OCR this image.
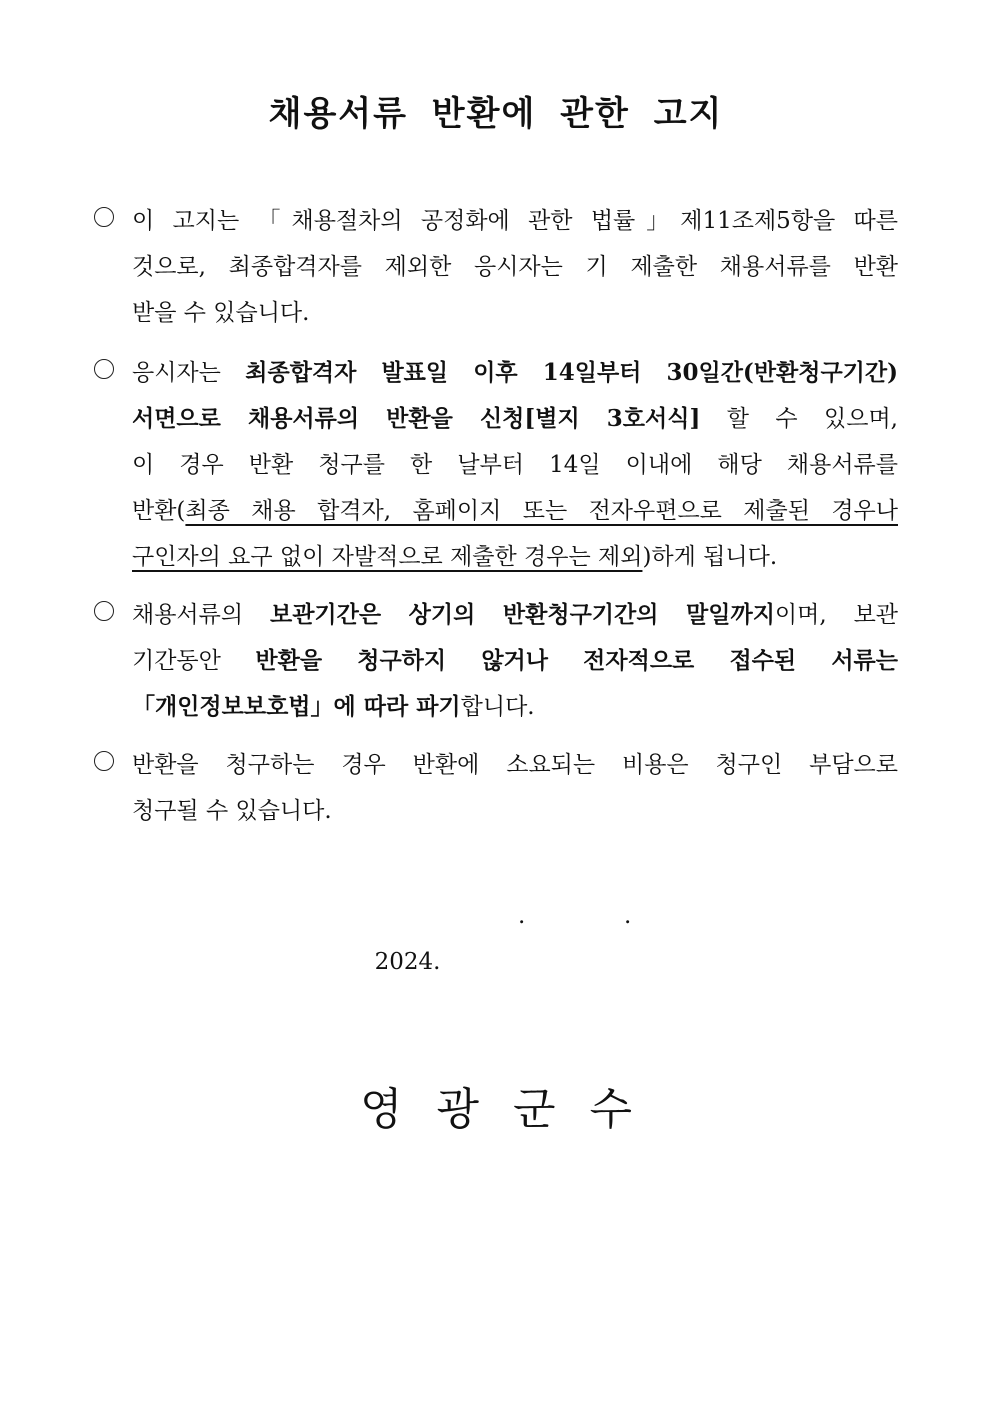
채용서류 반환에 관한 고지
이 고지는 「채용절차의 공정화에 관한 법률」제11조제5항을 따른
것으로, 최종합격자를 제외한 응시자는 기 제출한 채용서류를 반환
받을 수 있습니다.
응시자는 최종합격자 발표일 이후 14일부터 30일간(반환청구기간)
서면으로 채용서류의 반환을 신청[별지 3호서식] 할 수 있으며,
이 경우 반환 청구를 한 날부터 14일 이내에 해당 채용서류를
반환(최종 채용 합격자, 홈페이지 또는 전자우편으로 제출된 경우나
구인자의 요구 없이 자발적으로 제출한 경우는 제외)하게 됩니다.
채용서류의 보관기간은 상기의 반환청구기간의 말일까지이며, 보관
기간동안 반환을 청구하지 않거나 전자적으로 접수된 서류는
「개인정보보호법」에 따라 파기합니다.
반환을 청구하는 경우 반환에 소요되는 비용은 청구인 부담으로
청구될 수 있습니다.

2024.

.

	.

영광군수
